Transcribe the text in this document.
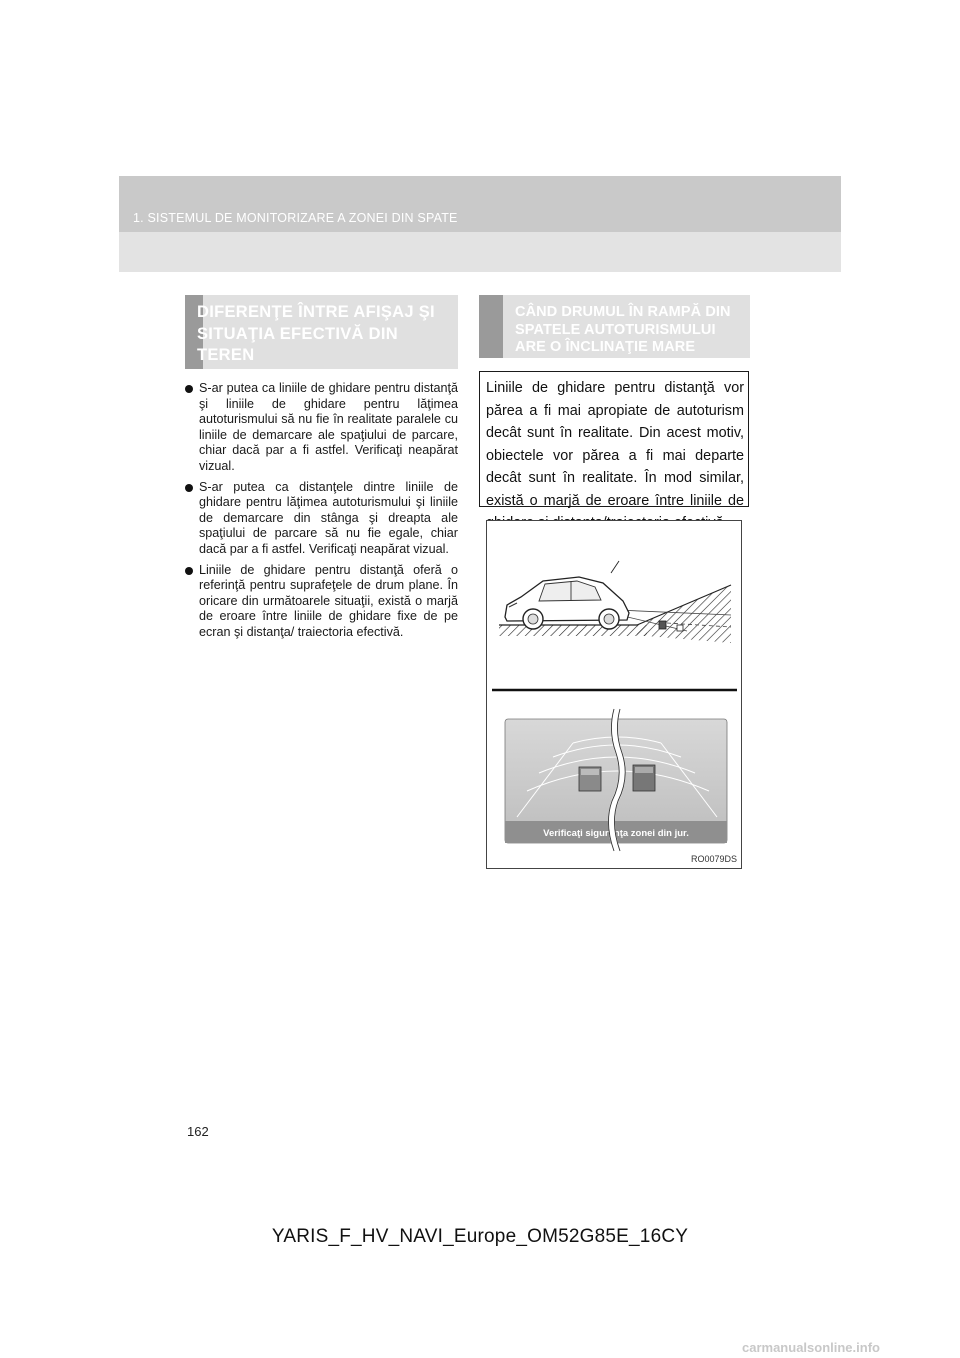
1. SISTEMUL DE MONITORIZARE A ZONEI DIN SPATE
DIFERENŢE ÎNTRE AFIŞAJ ŞI
SITUAŢIA EFECTIVĂ DIN
TEREN
S-ar putea ca liniile de ghidare pentru distanţă şi liniile de ghidare pentru lăţimea autoturismului să nu fie în realitate paralele cu liniile de demarcare ale spaţiului de parcare, chiar dacă par a fi astfel. Verificaţi neapărat vizual.
S-ar putea ca distanţele dintre liniile de ghidare pentru lăţimea autoturismului şi liniile de demarcare din stânga şi dreapta ale spaţiului de parcare să nu fie egale, chiar dacă par a fi astfel. Verificaţi neapărat vizual.
Liniile de ghidare pentru distanţă oferă o referinţă pentru suprafeţele de drum plane. În oricare din următoarele situaţii, există o marjă de eroare între liniile de ghidare fixe de pe ecran şi distanţa/ traiectoria efectivă.
CÂND DRUMUL ÎN RAMPĂ DIN
SPATELE AUTOTURISMULUI
ARE O ÎNCLINAŢIE MARE
Liniile de ghidare pentru distanţă vor părea a fi mai apropiate de autoturism decât sunt în realitate. Din acest motiv, obiectele vor părea a fi mai departe decât sunt în realitate. În mod similar, există o marjă de eroare între liniile de
Verificaţi siguranţa zonei din jur.
RO0079DS
162
YARIS_F_HV_NAVI_Europe_OM52G85E_16CY
carmanualsonline.info
